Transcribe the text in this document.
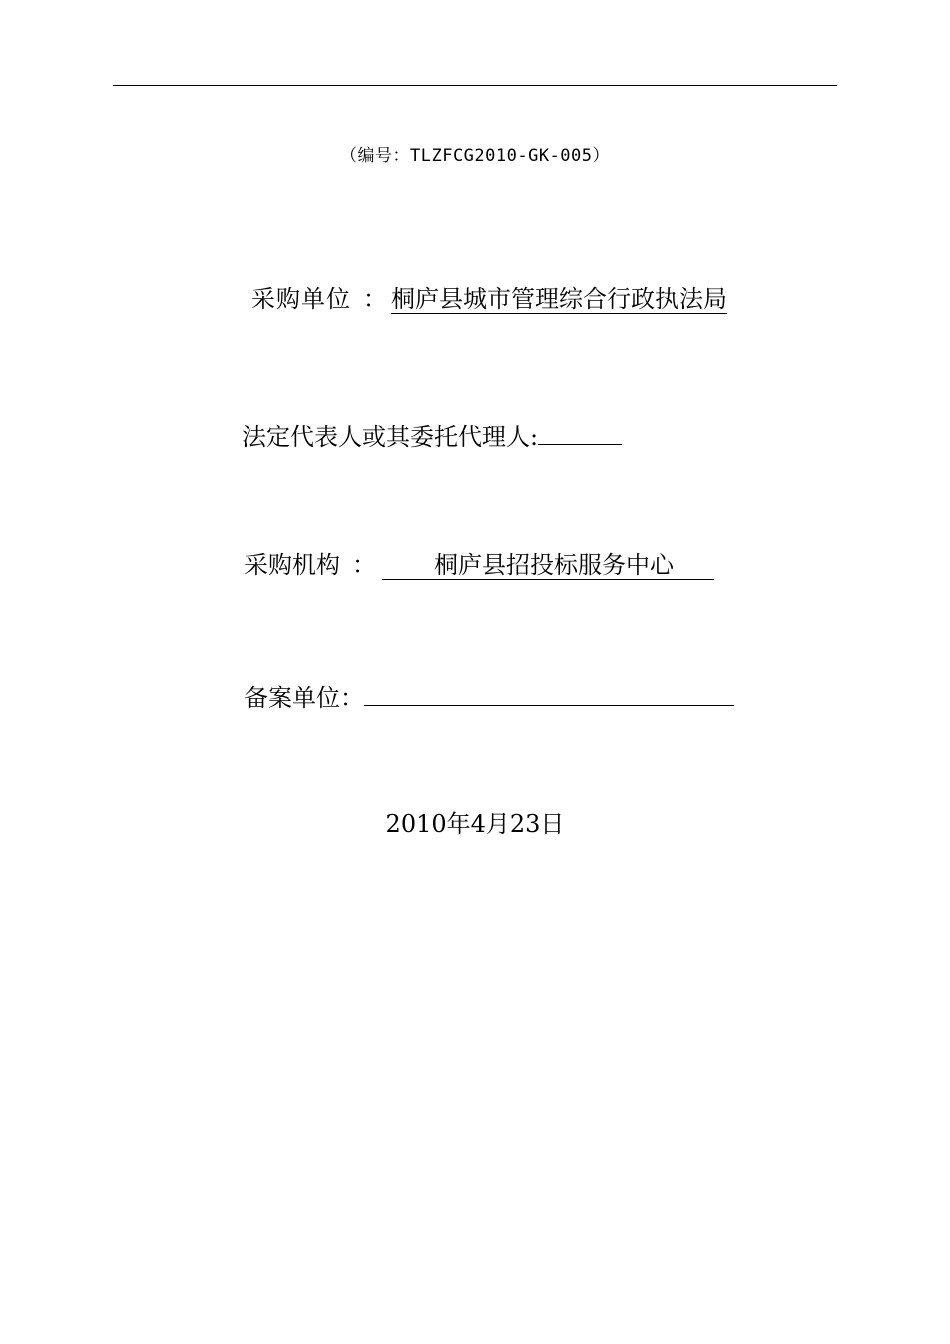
（编号：TLZFCG2010-GK-005）
采购单位 ： 桐庐县城市管理综合行政执法局
法定代表人或其委托代理人:
采购机构 ： 桐庐县招投标服务中心
备案单位：
2010年4月23日
